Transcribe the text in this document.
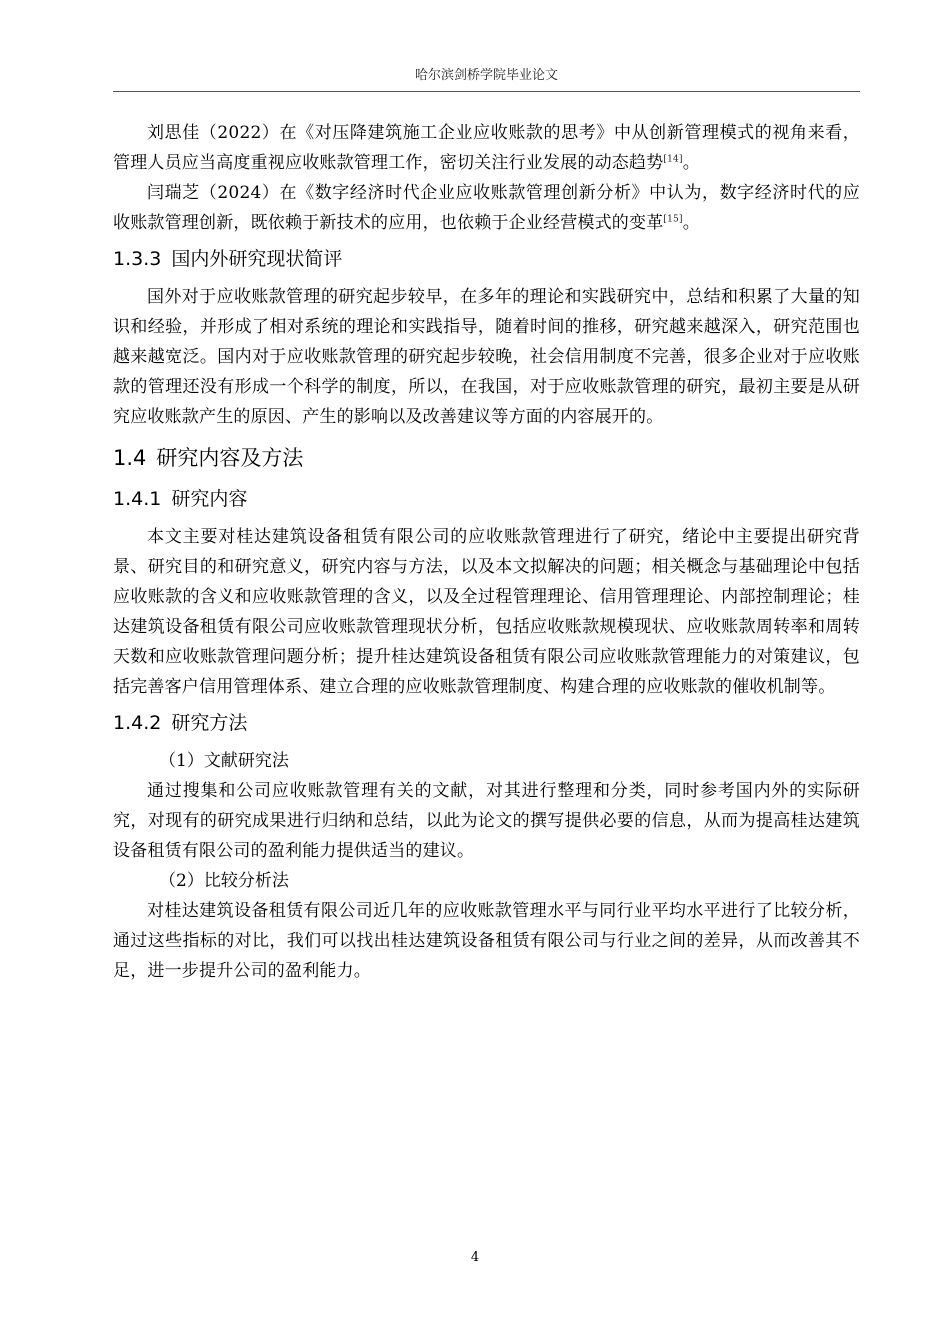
哈尔滨剑桥学院毕业论文

刘思佳（2022）在《对压降建筑施工企业应收账款的思考》中从创新管理模式的视角来看，管理人员应当高度重视应收账款管理工作，密切关注行业发展的动态趋势[14]。

闫瑞芝（2024）在《数字经济时代企业应收账款管理创新分析》中认为，数字经济时代的应收账款管理创新，既依赖于新技术的应用，也依赖于企业经营模式的变革[15]。

1.3.3 国内外研究现状简评

国外对于应收账款管理的研究起步较早，在多年的理论和实践研究中，总结和积累了大量的知识和经验，并形成了相对系统的理论和实践指导，随着时间的推移，研究越来越深入，研究范围也越来越宽泛。国内对于应收账款管理的研究起步较晚，社会信用制度不完善，很多企业对于应收账款的管理还没有形成一个科学的制度，所以，在我国，对于应收账款管理的研究，最初主要是从研究应收账款产生的原因、产生的影响以及改善建议等方面的内容展开的。

1.4 研究内容及方法
1.4.1 研究内容

本文主要对桂达建筑设备租赁有限公司的应收账款管理进行了研究，绪论中主要提出研究背景、研究目的和研究意义，研究内容与方法，以及本文拟解决的问题；相关概念与基础理论中包括应收账款的含义和应收账款管理的含义，以及全过程管理理论、信用管理理论、内部控制理论；桂达建筑设备租赁有限公司应收账款管理现状分析，包括应收账款规模现状、应收账款周转率和周转天数和应收账款管理问题分析；提升桂达建筑设备租赁有限公司应收账款管理能力的对策建议，包括完善客户信用管理体系、建立合理的应收账款管理制度、构建合理的应收账款的催收机制等。

1.4.2 研究方法

（1）文献研究法

通过搜集和公司应收账款管理有关的文献，对其进行整理和分类，同时参考国内外的实际研究，对现有的研究成果进行归纳和总结，以此为论文的撰写提供必要的信息，从而为提高桂达建筑设备租赁有限公司的盈利能力提供适当的建议。

（2）比较分析法

对桂达建筑设备租赁有限公司近几年的应收账款管理水平与同行业平均水平进行了比较分析，通过这些指标的对比，我们可以找出桂达建筑设备租赁有限公司与行业之间的差异，从而改善其不足，进一步提升公司的盈利能力。

4
